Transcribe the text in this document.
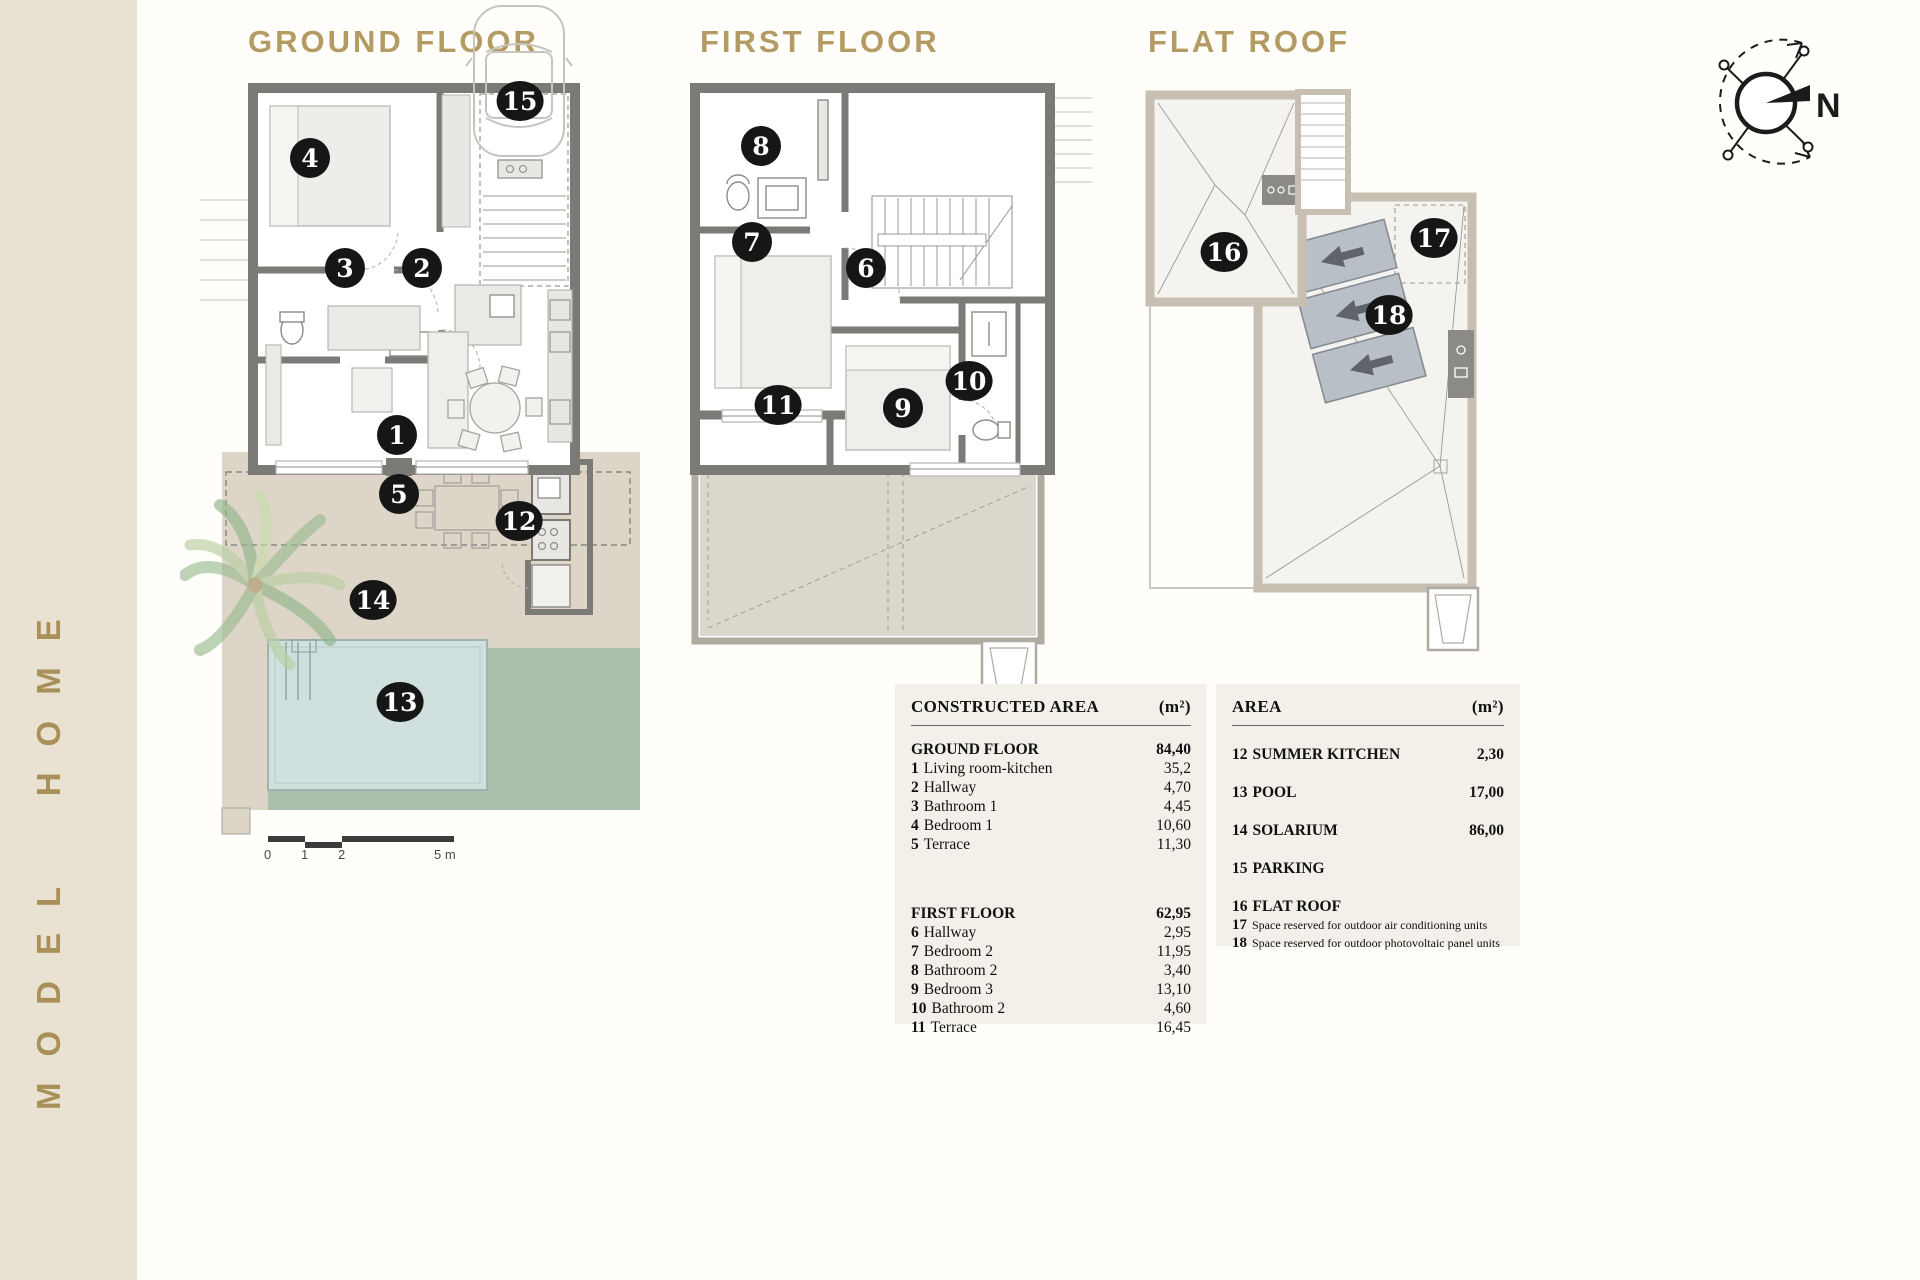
MODEL HOME
GROUND FLOOR	FIRST FLOOR	FLAT ROOF
N
0 1 2	5 m
CONSTRUCTED AREA	(m²)
GROUND FLOOR	84,40
1 Living room-kitchen	35,2
2 Hallway	4,70
3 Bathroom 1	4,45
4 Bedroom 1	10,60
5 Terrace	11,30
FIRST FLOOR	62,95
6 Hallway	2,95
7 Bedroom 2	11,95
8 Bathroom 2	3,40
9 Bedroom 3	13,10
10 Bathroom 2	4,60
11 Terrace	16,45
AREA	(m²)
12 SUMMER KITCHEN	2,30
13 POOL	17,00
14 SOLARIUM	86,00
15 PARKING
16 FLAT ROOF
17 Space reserved for outdoor air conditioning units
18 Space reserved for outdoor photovoltaic panel units
1
2
3
4
5
12
13
14
15
6
7
8
9
10
11
16	17
18
